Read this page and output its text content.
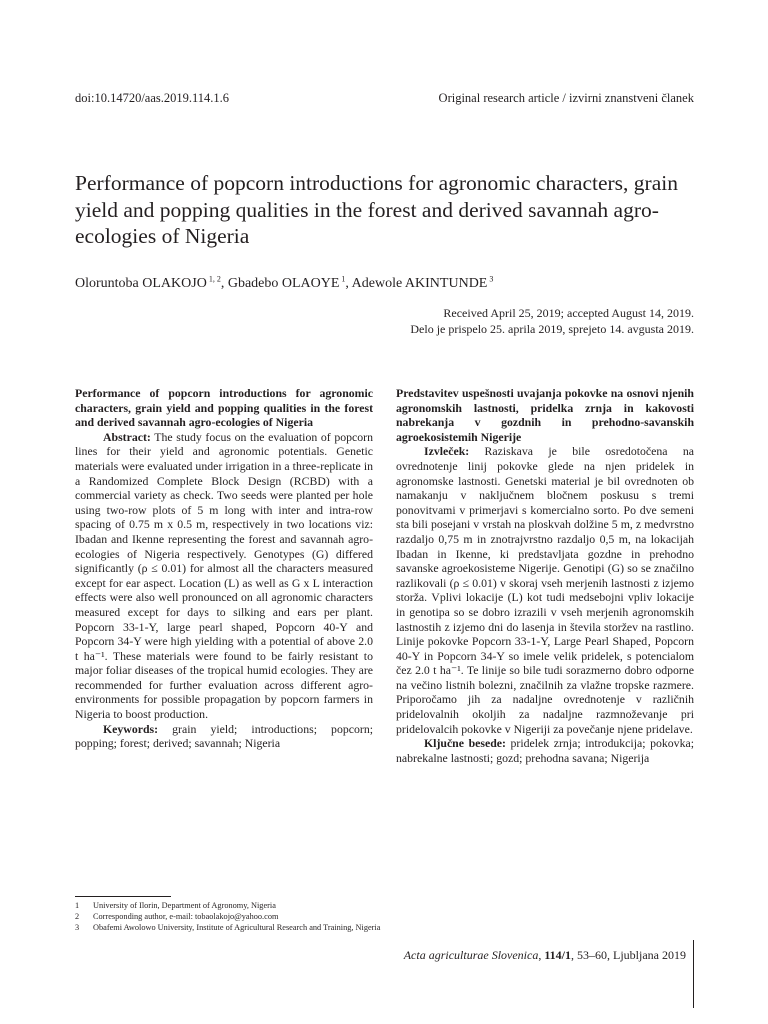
doi:10.14720/aas.2019.114.1.6	Original research article / izvirni znanstveni članek
Performance of popcorn introductions for agronomic characters, grain yield and popping qualities in the forest and derived savannah agro-ecologies of Nigeria
Oloruntoba OLAKOJO $^{1, 2}$, Gbadebo OLAOYE $^1$, Adewole AKINTUNDE $^3$
Received April 25, 2019; accepted August 14, 2019.
Delo je prispelo 25. aprila 2019, sprejeto 14. avgusta 2019.

Performance of popcorn introductions for agronomic characters, grain yield and popping qualities in the forest and derived savannah agro-ecologies of Nigeria

Abstract: The study focus on the evaluation of popcorn lines for their yield and agronomic potentials. Genetic materials were evaluated under irrigation in a three-replicate in a Randomized Complete Block Design (RCBD) with a commercial variety as check. Two seeds were planted per hole using two-row plots of 5 m long with inter and intra-row spacing of 0.75 m x 0.5 m, respectively in two locations viz: Ibadan and Ikenne representing the forest and savannah agro-ecologies of Nigeria respectively. Genotypes (G) differed significantly (ρ ≤ 0.01) for almost all the characters measured except for ear aspect. Location (L) as well as G x L interaction effects were also well pronounced on all agronomic characters measured except for days to silking and ears per plant. Popcorn 33-1-Y, large pearl shaped, Popcorn 40-Y and Popcorn 34-Y were high yielding with a potential of above 2.0 t ha⁻¹. These materials were found to be fairly resistant to major foliar diseases of the tropical humid ecologies. They are recommended for further evaluation across different agro-environments for possible propagation by popcorn farmers in Nigeria to boost production.

Keywords: grain yield; introductions; popcorn; popping; forest; derived; savannah; Nigeria

Predstavitev uspešnosti uvajanja pokovke na osnovi njenih agronomskih lastnosti, pridelka zrnja in kakovosti nabrekanja v gozdnih in prehodno-savanskih agroekosistemih Nigerije

Izvleček: Raziskava je bile osredotočena na ovrednotenje linij pokovke glede na njen pridelek in agronomske lastnosti. Genetski material je bil ovrednoten ob namakanju v naključnem bločnem poskusu s tremi ponovitvami v primerjavi s komercialno sorto. Po dve semeni sta bili posejani v vrstah na ploskvah dolžine 5 m, z medvrstno razdaljo 0,75 m in znotrajvrstno razdaljo 0,5 m, na lokacijah Ibadan in Ikenne, ki predstavljata gozdne in prehodno savanske agroekosisteme Nigerije. Genotipi (G) so se značilno razlikovali (ρ ≤ 0.01) v skoraj vseh merjenih lastnosti z izjemo storža. Vplivi lokacije (L) kot tudi medsebojni vpliv lokacije in genotipa so se dobro izrazili v vseh merjenih agronomskih lastnostih z izjemo dni do lasenja in števila storžev na rastlino. Linije pokovke Popcorn 33-1-Y, Large Pearl Shaped‚ Popcorn 40-Y in Popcorn 34-Y so imele velik pridelek, s potencialom čez 2.0 t ha⁻¹. Te linije so bile tudi sorazmerno dobro odporne na večino listnih bolezni, značilnih za vlažne tropske razmere. Priporočamo jih za nadaljne ovrednotenje v različnih pridelovalnih okoljih za nadaljne razmnoževanje pri pridelovalcih pokovke v Nigeriji za povečanje njene pridelave.

Ključne besede: pridelek zrnja; introdukcija; pokovka; nabrekalne lastnosti; gozd; prehodna savana; Nigerija

1	University of Ilorin, Department of Agronomy, Nigeria
2	Corresponding author, e-mail: tobaolakojo@yahoo.com
3	Obafemi Awolowo University, Institute of Agricultural Research and Training, Nigeria
Acta agriculturae Slovenica, 114/1, 53–60, Ljubljana 2019
